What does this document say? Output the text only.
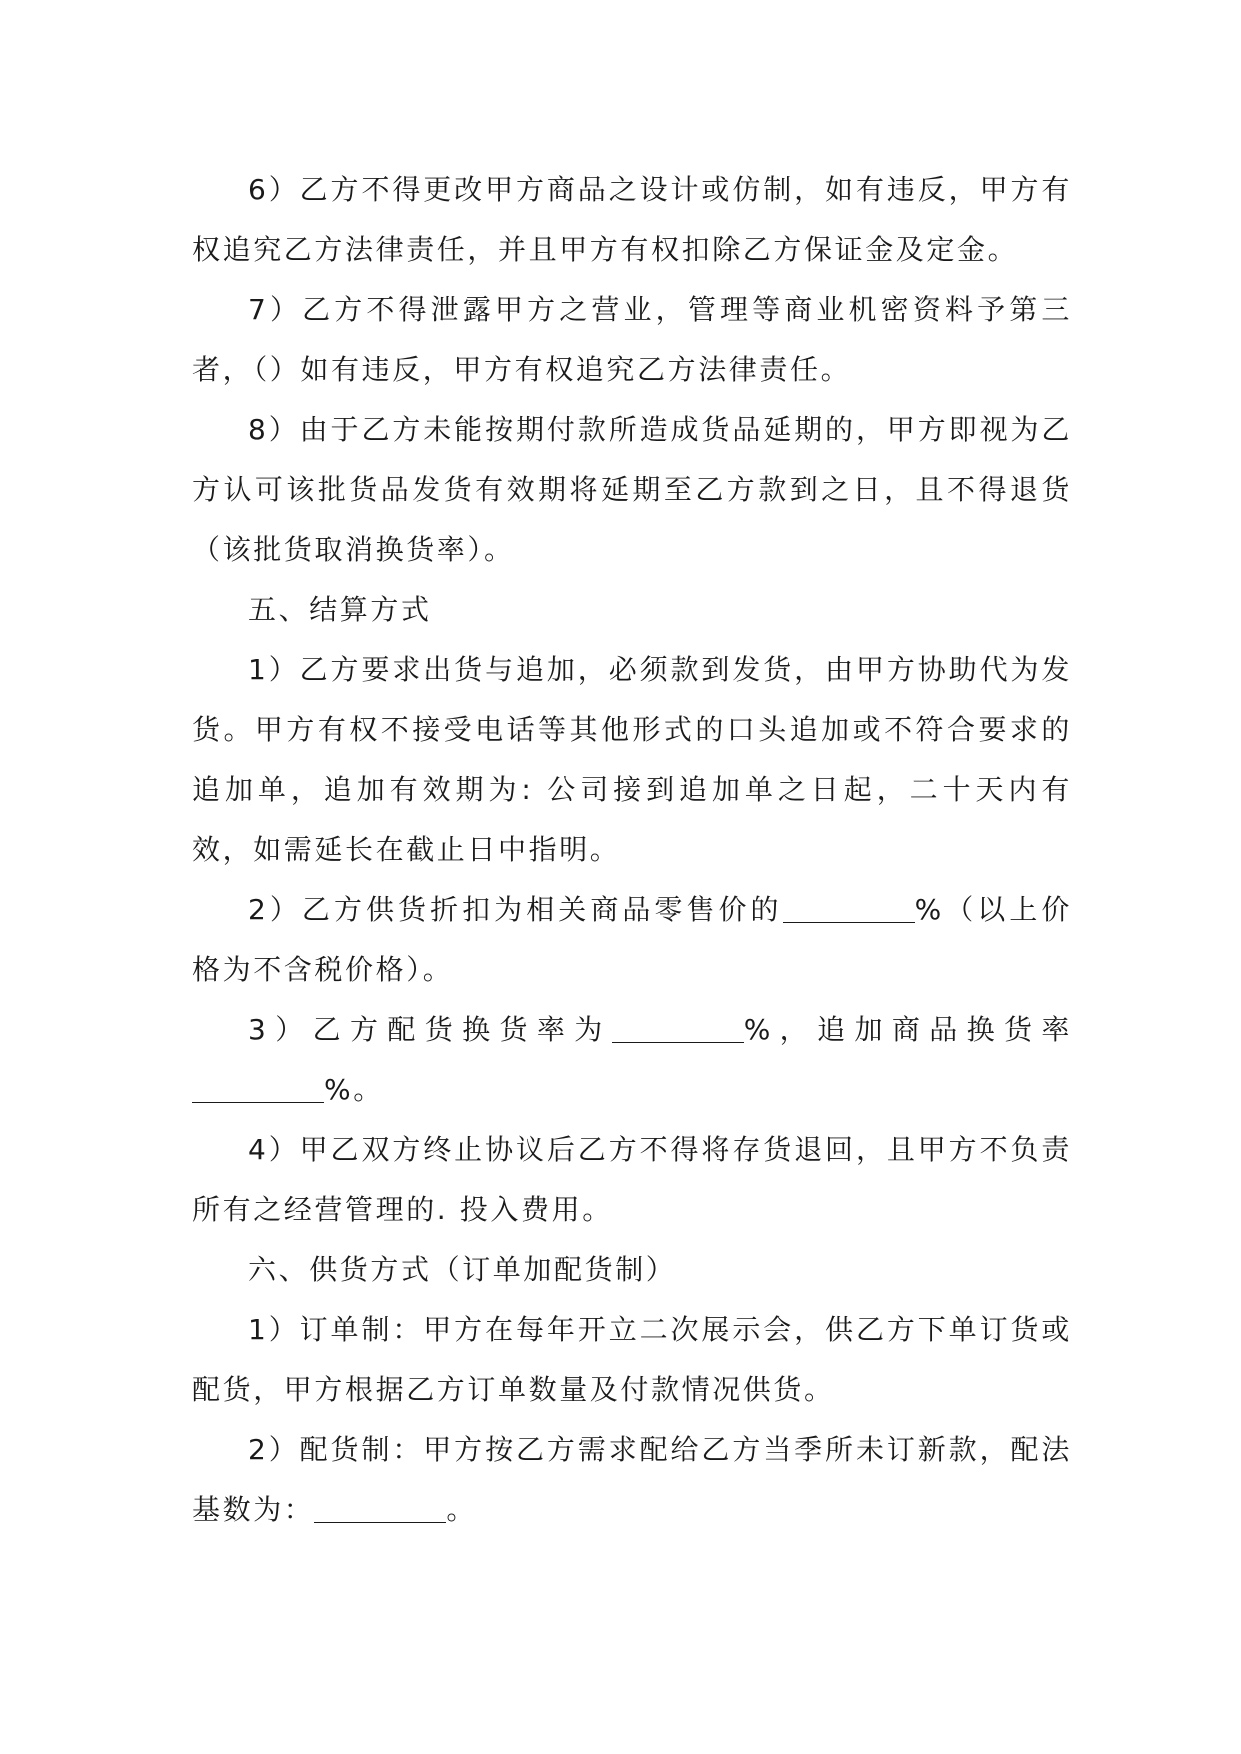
6）乙方不得更改甲方商品之设计或仿制，如有违反，甲方有权追究乙方法律责任，并且甲方有权扣除乙方保证金及定金。

7）乙方不得泄露甲方之营业，管理等商业机密资料予第三者，（）如有违反，甲方有权追究乙方法律责任。

8）由于乙方未能按期付款所造成货品延期的，甲方即视为乙方认可该批货品发货有效期将延期至乙方款到之日，且不得退货（该批货取消换货率）。

五、结算方式

1）乙方要求出货与追加，必须款到发货，由甲方协助代为发货。甲方有权不接受电话等其他形式的口头追加或不符合要求的追加单，追加有效期为: 公司接到追加单之日起，二十天内有效，如需延长在截止日中指明。

2）乙方供货折扣为相关商品零售价的	%（以上价格为不含税价格）。

3）乙方配货换货率为	%，追加商品换货率%。

4）甲乙双方终止协议后乙方不得将存货退回，且甲方不负责所有之经营管理的. 投入费用。

六、供货方式（订单加配货制）

1）订单制：甲方在每年开立二次展示会，供乙方下单订货或配货，甲方根据乙方订单数量及付款情况供货。

2）配货制：甲方按乙方需求配给乙方当季所未订新款，配法基数为：	。
